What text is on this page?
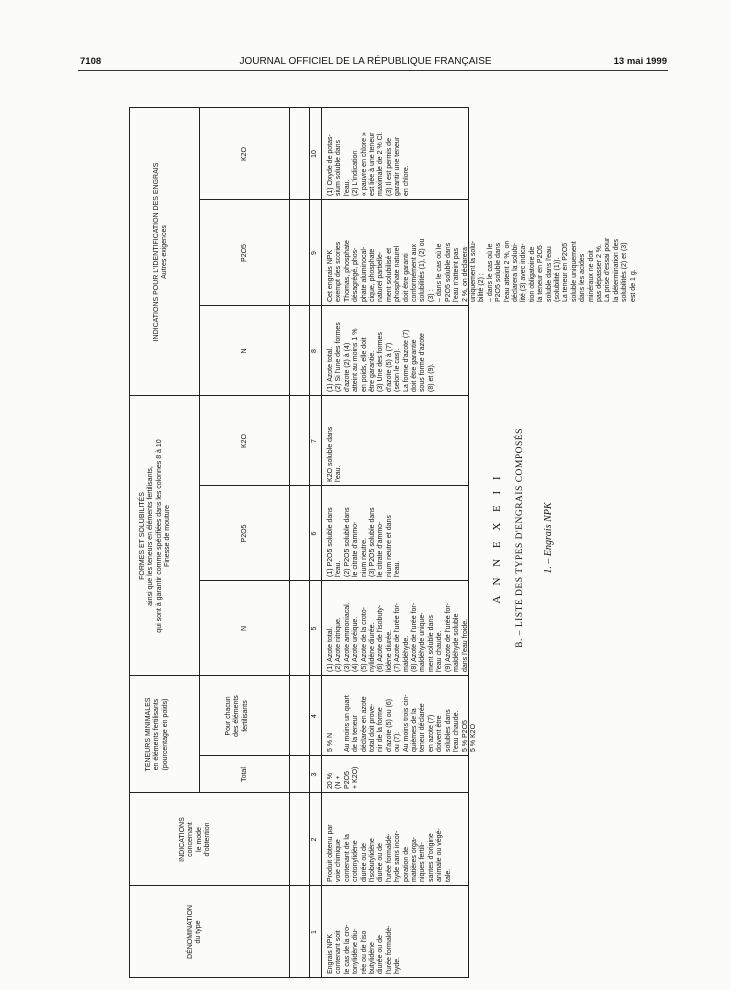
7108	JOURNAL OFFICIEL DE LA RÉPUBLIQUE FRANÇAISE	13 mai 1999
A N N E X E I I B. – LISTE DES TYPES D'ENGRAIS COMPOSÉS 1. – Engrais NPK
DÉNOMINATION
du type
INDICATIONS
concernant
le mode
d'obtention
TENEURS MINIMALES
en éléments fertilisants
(pourcentage en poids)
FORMES ET SOLUBILITÉS
ainsi que les teneurs en éléments fertilisants,
qui sont à garantir comme spécifiées dans les colonnes 8 à 10
Finesse de mouture
INDICATIONS POUR L'IDENTIFICATION DES ENGRAIS
Autres exigences
Total
Pour chacun
des éléments
fertilisants
N
P2O5
K2O
N
P2O5
K2O
1
2
3
4
5
6
7
8
9
10
Engrais NPK
contenant soit
le cas de la cro-
tonylidène diu-
rée ou de l'iso
butylidène
diurée ou de
l'urée formaldé-
hyde.
Produit obtenu par
voie chimique
contenant de la
crotonylidène
diurée ou de
l'isobutylidène
diurée ou de
l'urée formaldé-
hyde sans incor-
poration de
matières orga-
niques fertili-
santes d'origine
animale ou végé-
tale.
20 %
(N + P2O5
+ K2O)
5 % N

Au moins un quart
de la teneur
déclarée en azote
total doit prove-
nir de la forme
d'azote (5) ou (6)
ou (7).
Au moins trois cin-
quièmes de la
teneur déclarée
en azote (7)
doivent être
solubles dans
l'eau chaude.
5 % P2O5
5 % K2O
(1) Azote total.
(2) Azote nitrique.
(3) Azote ammoniacal.
(4) Azote uréique.
(5) Azote de la croto-
nylidène diurée.
(6) Azote de l'isobuty-
lidène diurée.
(7) Azote de l'urée for-
maldéhyde.
(8) Azote de l'urée for-
maldéhyde unique-
ment soluble dans
l'eau chaude.
(9) Azote de l'urée for-
maldéhyde soluble
dans l'eau froide.
(1) P2O5 soluble dans
l'eau.
(2) P2O5 soluble dans
le citrate d'ammo-
nium neutre.
(3) P2O5 soluble dans
le citrate d'ammo-
nium neutre et dans
l'eau.
K2O soluble dans
l'eau.
(1) Azote total.
(2) Si l'une des formes
d'azote (2) à (4)
atteint au moins 1 %
en poids, elle doit
être garantie.
(3) Une des formes
d'azote (5) à (7)
(selon le cas).
La forme d'azote (7)
doit être garantie
sous forme d'azote
(8) et (9).
Cet engrais NPK
exempt des scories
Thomas, phosphate
désagrégé, phos-
phate aluminocal-
cique, phosphate
naturel partielle-
ment solubilisé et
phosphate naturel
doit être garanti
conformément aux
solubilités (1), (2) ou
(3) :
– dans le cas où le
P2O5 soluble dans
l'eau n'atteint pas
2 %, on déclarera
uniquement la solu-
bilité (2) ;
– dans le cas où le
P2O5 soluble dans
l'eau atteint 2 %, on
déclarera la solubi-
lité (3) avec indica-
tion obligatoire de
la teneur en P2O5
soluble dans l'eau
(solubilité (1)).
La teneur en P2O5
soluble uniquement
dans les acides
minéraux ne doit
pas dépasser 2 %.
La prise d'essai pour
la détermination des
solubilités (2) et (3)
est de 1 g.
(1) Oxyde de potas-
sium soluble dans
l'eau.
(2) L'indication
« pauvre en chlore »
est liée à une teneur
maximale de 2 % Cl.
(3) Il est permis de
garantir une teneur
en chlore.
